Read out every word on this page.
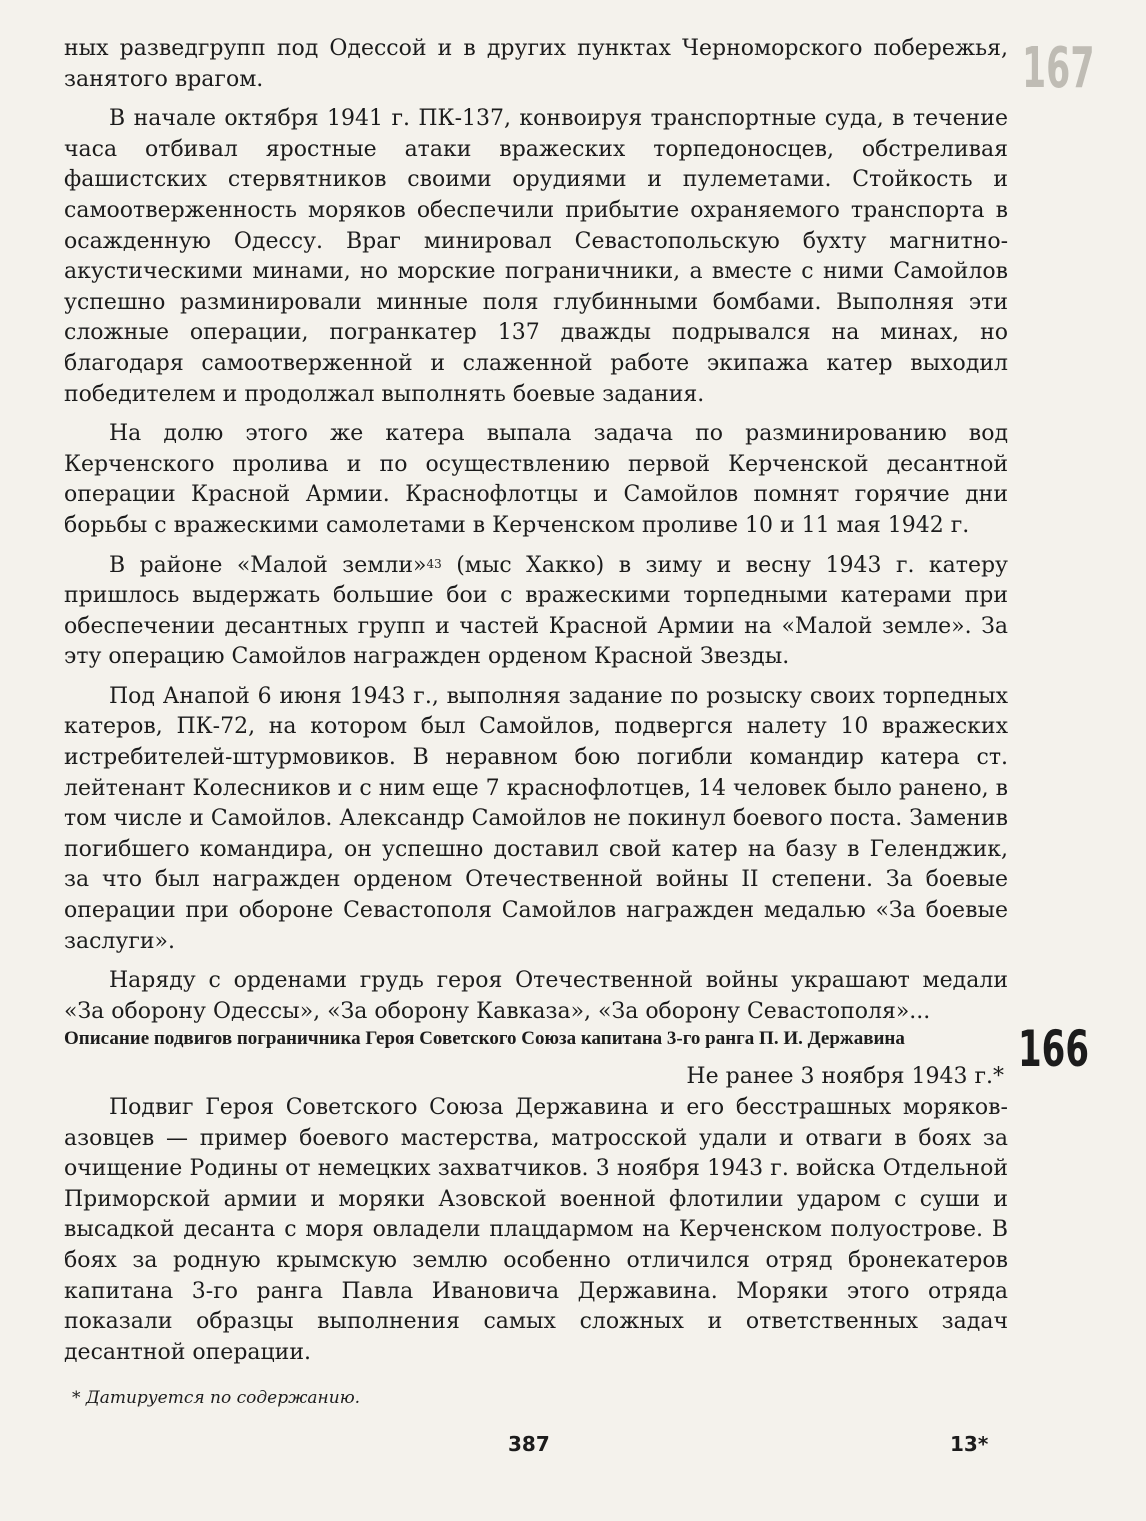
167

ных разведгрупп под Одессой и в других пунктах Черноморского побережья, занятого врагом.

В начале октября 1941 г. ПК-137, конвоируя транспортные суда, в течение часа отбивал яростные атаки вражеских торпедоносцев, обстреливая фашистских стервятников своими орудиями и пулеметами. Стойкость и самоотверженность моряков обеспечили прибытие охраняемого транспорта в осажденную Одессу. Враг минировал Севастопольскую бухту магнитно-акустическими минами, но морские пограничники, а вместе с ними Самойлов успешно разминировали минные поля глубинными бомбами. Выполняя эти сложные операции, погранкатер 137 дважды подрывался на минах, но благодаря самоотверженной и слаженной работе экипажа катер выходил победителем и продолжал выполнять боевые задания.

На долю этого же катера выпала задача по разминированию вод Керченского пролива и по осуществлению первой Керченской десантной операции Красной Армии. Краснофлотцы и Самойлов помнят горячие дни борьбы с вражескими самолетами в Керченском проливе 10 и 11 мая 1942 г.

В районе «Малой земли»$^{43}$ (мыс Хакко) в зиму и весну 1943 г. катеру пришлось выдержать большие бои с вражескими торпедными катерами при обеспечении десантных групп и частей Красной Армии на «Малой земле». За эту операцию Самойлов награжден орденом Красной Звезды.

Под Анапой 6 июня 1943 г., выполняя задание по розыску своих торпедных катеров, ПК-72, на котором был Самойлов, подвергся налету 10 вражеских истребителей-штурмовиков. В неравном бою погибли командир катера ст. лейтенант Колесников и с ним еще 7 краснофлотцев, 14 человек было ранено, в том числе и Самойлов. Александр Самойлов не покинул боевого поста. Заменив погибшего командира, он успешно доставил свой катер на базу в Геленджик, за что был награжден орденом Отечественной войны II степени. За боевые операции при обороне Севастополя Самойлов награжден медалью «За боевые заслуги».

Наряду с орденами грудь героя Отечественной войны украшают медали «За оборону Одессы», «За оборону Кавказа», «За оборону Севастополя»...

Описание подвигов пограничника Героя Советского Союза капитана 3-го ранга П. И. Державина	166
Не ранее 3 ноября 1943 г.*

Подвиг Героя Советского Союза Державина и его бесстрашных моряков-азовцев — пример боевого мастерства, матросской удали и отваги в боях за очищение Родины от немецких захватчиков. 3 ноября 1943 г. войска Отдельной Приморской армии и моряки Азовской военной флотилии ударом с суши и высадкой десанта с моря овладели плацдармом на Керченском полуострове. В боях за родную крымскую землю особенно отличился отряд бронекатеров капитана 3-го ранга Павла Ивановича Державина. Моряки этого отряда показали образцы выполнения самых сложных и ответственных задач десантной операции.

* Датируется по содержанию.
387	13*
